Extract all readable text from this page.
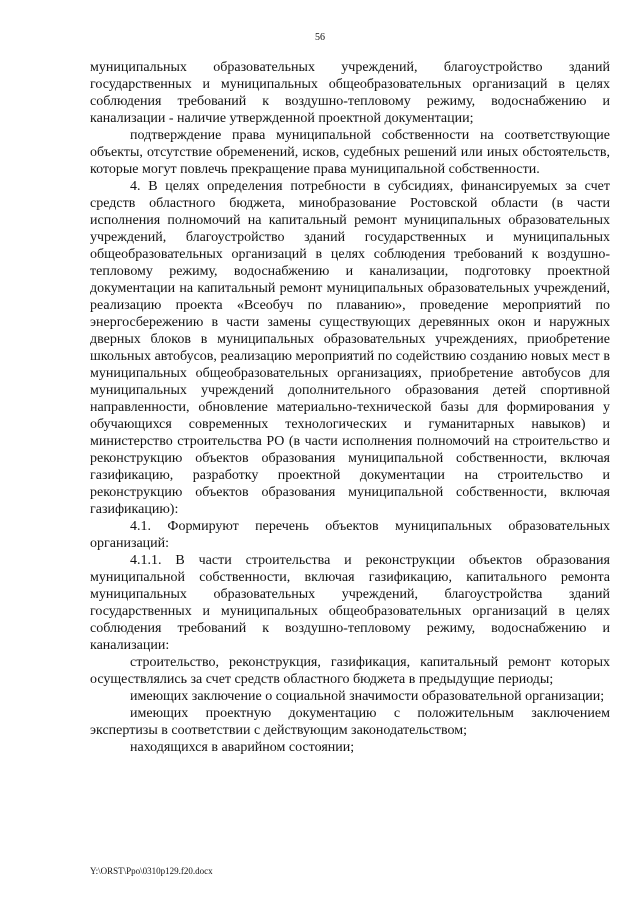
56

муниципальных образовательных учреждений, благоустройство зданий государственных и муниципальных общеобразовательных организаций в целях соблюдения требований к воздушно-тепловому режиму, водоснабжению и канализации - наличие утвержденной проектной документации;

подтверждение права муниципальной собственности на соответствующие объекты, отсутствие обременений, исков, судебных решений или иных обстоятельств, которые могут повлечь прекращение права муниципальной собственности.

4. В целях определения потребности в субсидиях, финансируемых за счет средств областного бюджета, минобразование Ростовской области (в части исполнения полномочий на капитальный ремонт муниципальных образовательных учреждений, благоустройство зданий государственных и муниципальных общеобразовательных организаций в целях соблюдения требований к воздушно-тепловому режиму, водоснабжению и канализации, подготовку проектной документации на капитальный ремонт муниципальных образовательных учреждений, реализацию проекта «Всеобуч по плаванию», проведение мероприятий по энергосбережению в части замены существующих деревянных окон и наружных дверных блоков в муниципальных образовательных учреждениях, приобретение школьных автобусов, реализацию мероприятий по содействию созданию новых мест в муниципальных общеобразовательных организациях, приобретение автобусов для муниципальных учреждений дополнительного образования детей спортивной направленности, обновление материально-технической базы для формирования у обучающихся современных технологических и гуманитарных навыков) и министерство строительства РО (в части исполнения полномочий на строительство и реконструкцию объектов образования муниципальной собственности, включая газификацию, разработку проектной документации на строительство и реконструкцию объектов образования муниципальной собственности, включая газификацию):

4.1. Формируют перечень объектов муниципальных образовательных организаций:

4.1.1. В части строительства и реконструкции объектов образования муниципальной собственности, включая газификацию, капитального ремонта муниципальных образовательных учреждений, благоустройства зданий государственных и муниципальных общеобразовательных организаций в целях соблюдения требований к воздушно-тепловому режиму, водоснабжению и канализации:

строительство, реконструкция, газификация, капитальный ремонт которых осуществлялись за счет средств областного бюджета в предыдущие периоды;

имеющих заключение о социальной значимости образовательной организации;

имеющих проектную документацию с положительным заключением экспертизы в соответствии с действующим законодательством;

находящихся в аварийном состоянии;

Y:\ORST\Ppo\0310p129.f20.docx
